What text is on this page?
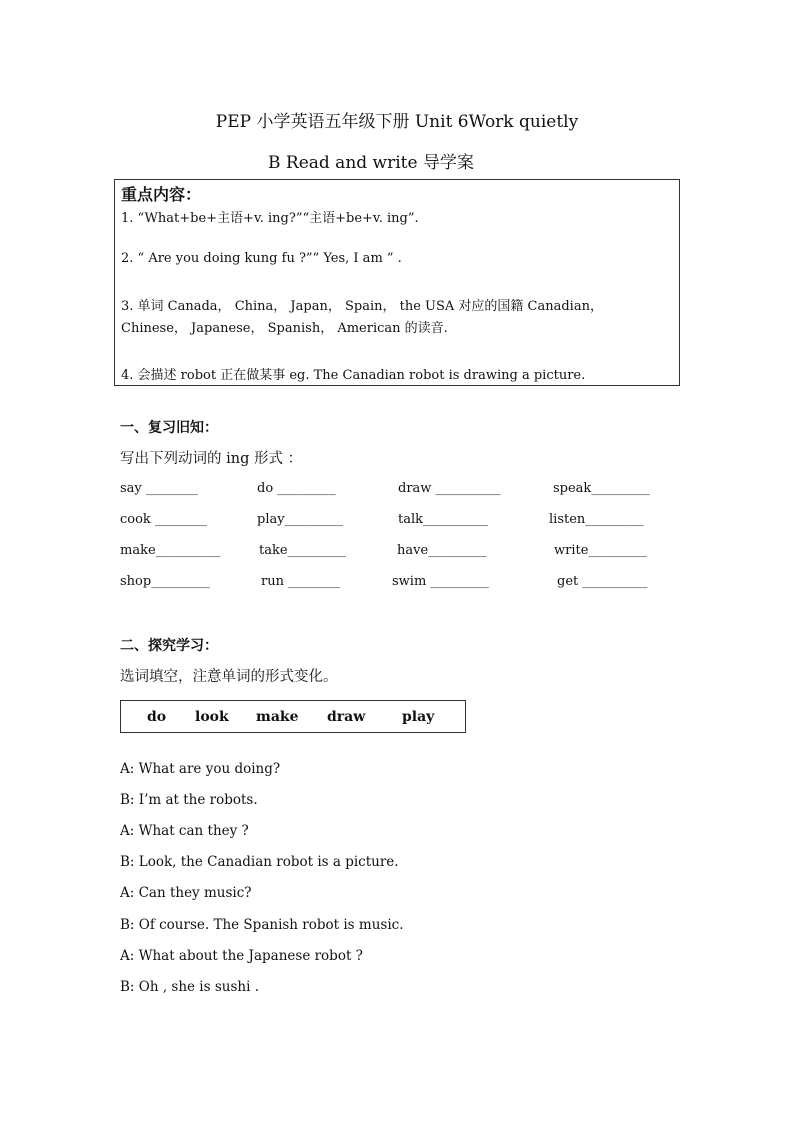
PEP 小学英语五年级下册 Unit 6Work quietly
B Read and write 导学案
重点内容：
1. “What+be+主语+v. ing?”“主语+be+v. ing”.
2. “ Are you doing kung fu ?”“ Yes, I am ” .
3. 单词 Canada， China， Japan， Spain， the USA 对应的国籍 Canadian，
Chinese， Japanese， Spanish， American 的读音.
4. 会描述 robot 正在做某事 eg. The Canadian robot is drawing a picture.
一、复习旧知：
写出下列动词的 ing 形式 ：
say ________	do _________	draw __________	speak_________
cook ________	play_________	talk__________	listen_________
make__________	take_________	have_________	write_________
shop_________	run ________	swim _________	get __________
二、探究学习：
选词填空，注意单词的形式变化。
do look make draw	play
A: What are you doing?
B: I’m at the robots.
A: What can they ?
B: Look, the Canadian robot is a picture.
A: Can they music?
B: Of course. The Spanish robot is music.
A: What about the Japanese robot ?
B: Oh , she is sushi .
